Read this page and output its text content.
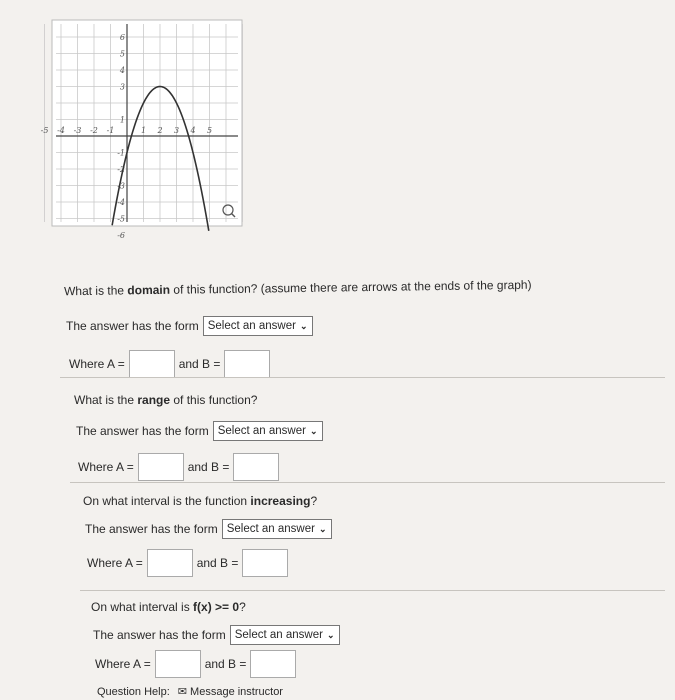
-5 -4 -3 -2 -1	1 2 3 4 5
6
5
4
3
1
-1
-2
-3
-4
-5
-6
What is the domain of this function? (assume there are arrows at the ends of the graph)
The answer has the form Select an answer ⌄
Where A =	and B =
What is the range of this function?
The answer has the form Select an answer ⌄
Where A =	and B =
On what interval is the function increasing?
The answer has the form Select an answer ⌄
Where A =	and B =
On what interval is f(x) >= 0?
The answer has the form Select an answer ⌄
Where A =	and B =
Question Help: ✉ Message instructor
